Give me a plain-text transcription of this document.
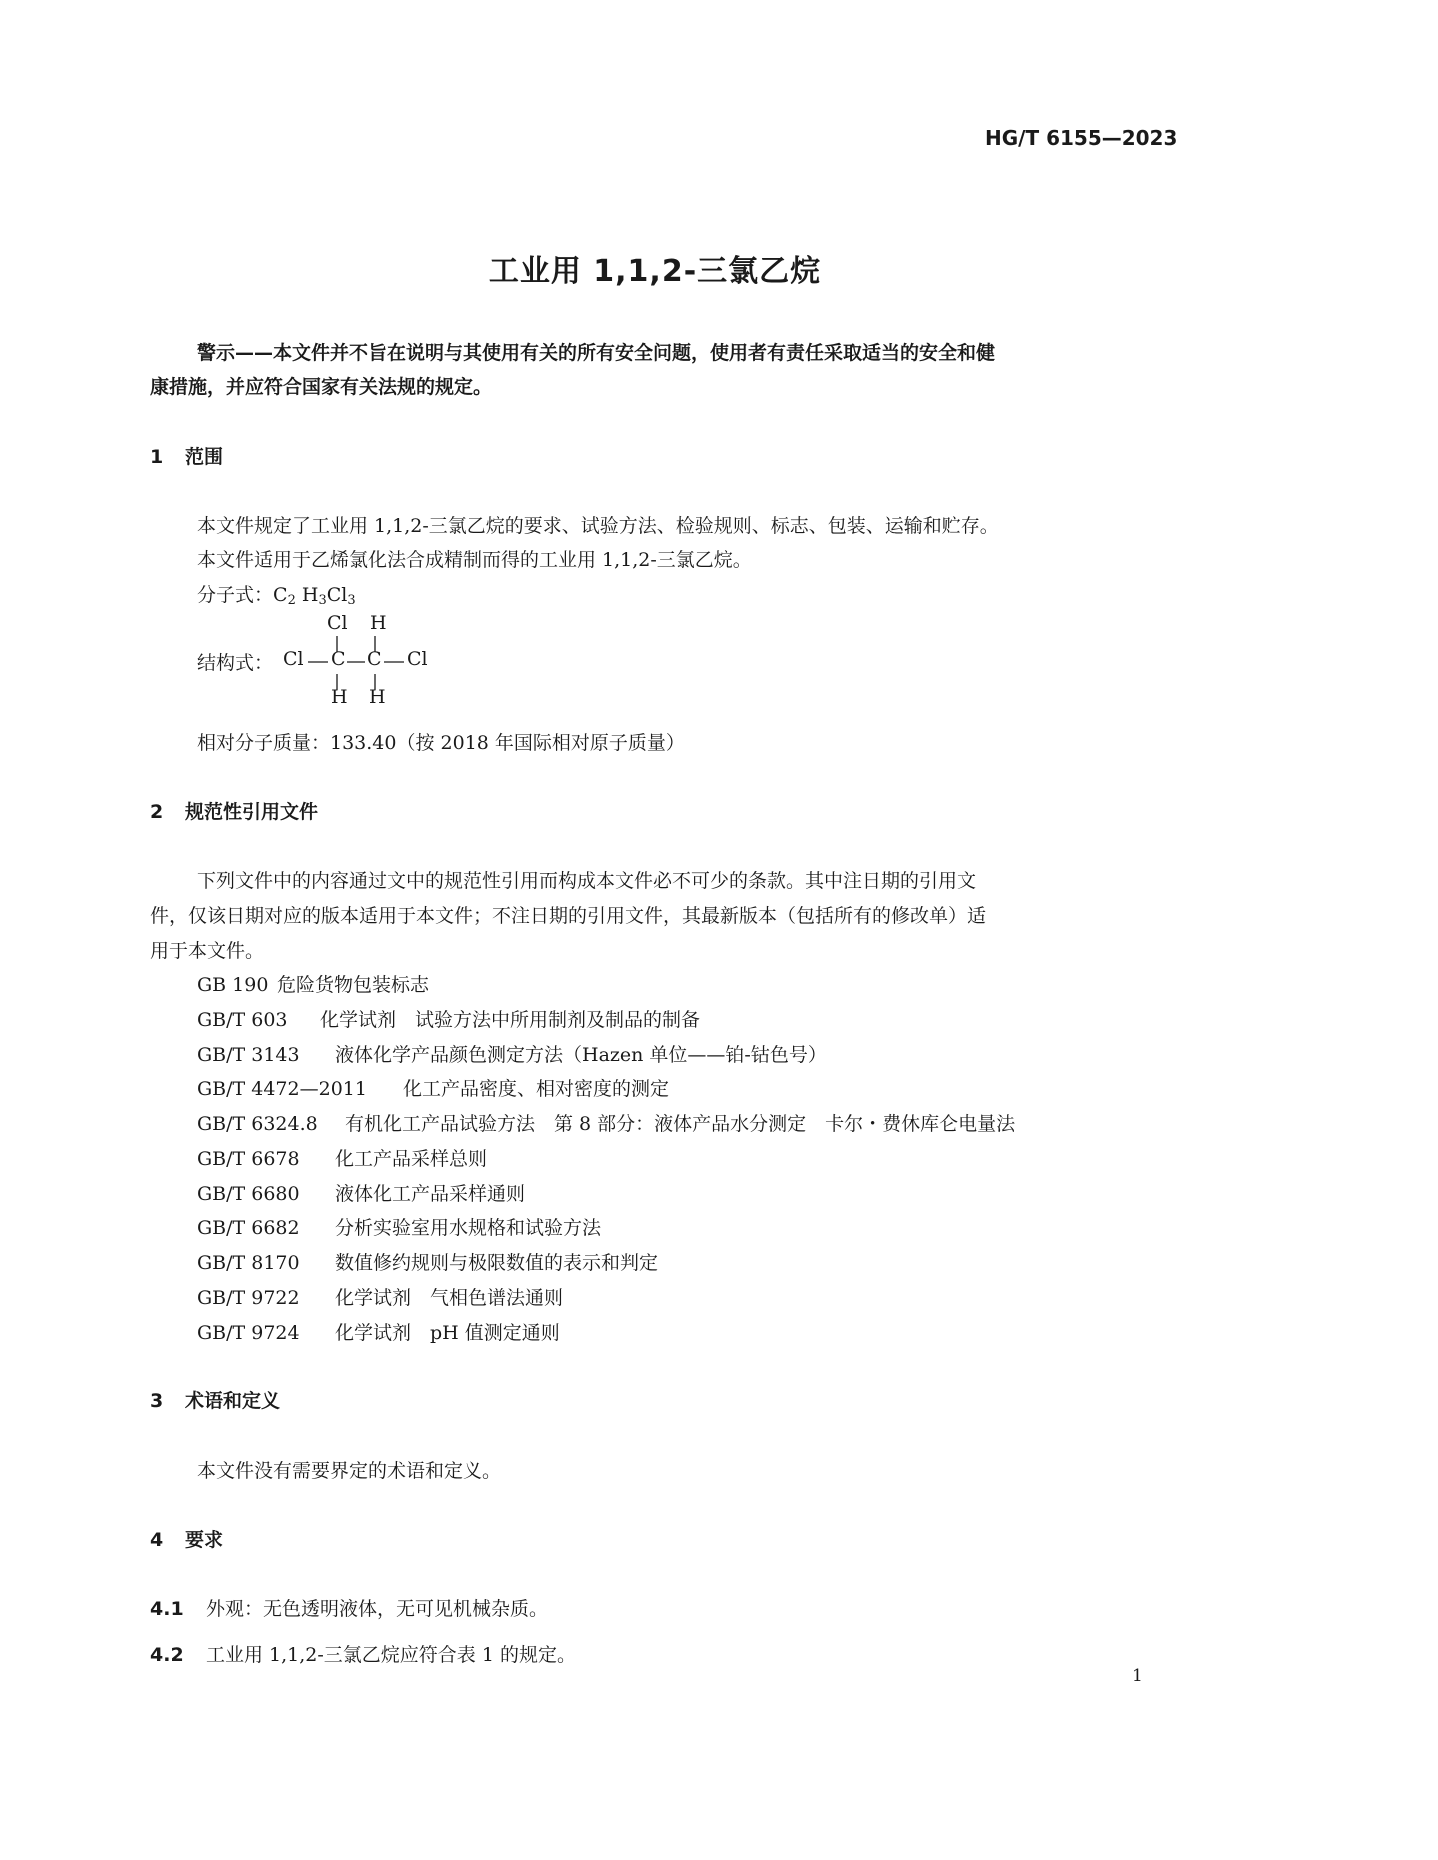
HG/T 6155—2023
工业用 1,1,2-三氯乙烷
警示——本文件并不旨在说明与其使用有关的所有安全问题，使用者有责任采取适当的安全和健
康措施，并应符合国家有关法规的规定。
1 范围
本文件规定了工业用 1,1,2-三氯乙烷的要求、试验方法、检验规则、标志、包装、运输和贮存。
本文件适用于乙烯氯化法合成精制而得的工业用 1,1,2-三氯乙烷。
分子式：$C_2$ $H_3Cl_3$
结构式：
Cl H
Cl C C Cl
H H
相对分子质量：133.40（按 2018 年国际相对原子质量）
2 规范性引用文件
下列文件中的内容通过文中的规范性引用而构成本文件必不可少的条款。其中注日期的引用文
件，仅该日期对应的版本适用于本文件；不注日期的引用文件，其最新版本（包括所有的修改单）适
用于本文件。
GB 190 危险货物包装标志
GB/T 603 化学试剂　试验方法中所用制剂及制品的制备
GB/T 3143 液体化学产品颜色测定方法（Hazen 单位——铂-钴色号）
GB/T 4472—2011 化工产品密度、相对密度的测定
GB/T 6324.8 有机化工产品试验方法　第 8 部分：液体产品水分测定　卡尔・费休库仑电量法
GB/T 6678 化工产品采样总则
GB/T 6680 液体化工产品采样通则
GB/T 6682 分析实验室用水规格和试验方法
GB/T 8170 数值修约规则与极限数值的表示和判定
GB/T 9722 化学试剂　气相色谱法通则
GB/T 9724 化学试剂　pH 值测定通则
3 术语和定义
本文件没有需要界定的术语和定义。
4 要求
4.1 外观：无色透明液体，无可见机械杂质。
4.2 工业用 1,1,2-三氯乙烷应符合表 1 的规定。
1
